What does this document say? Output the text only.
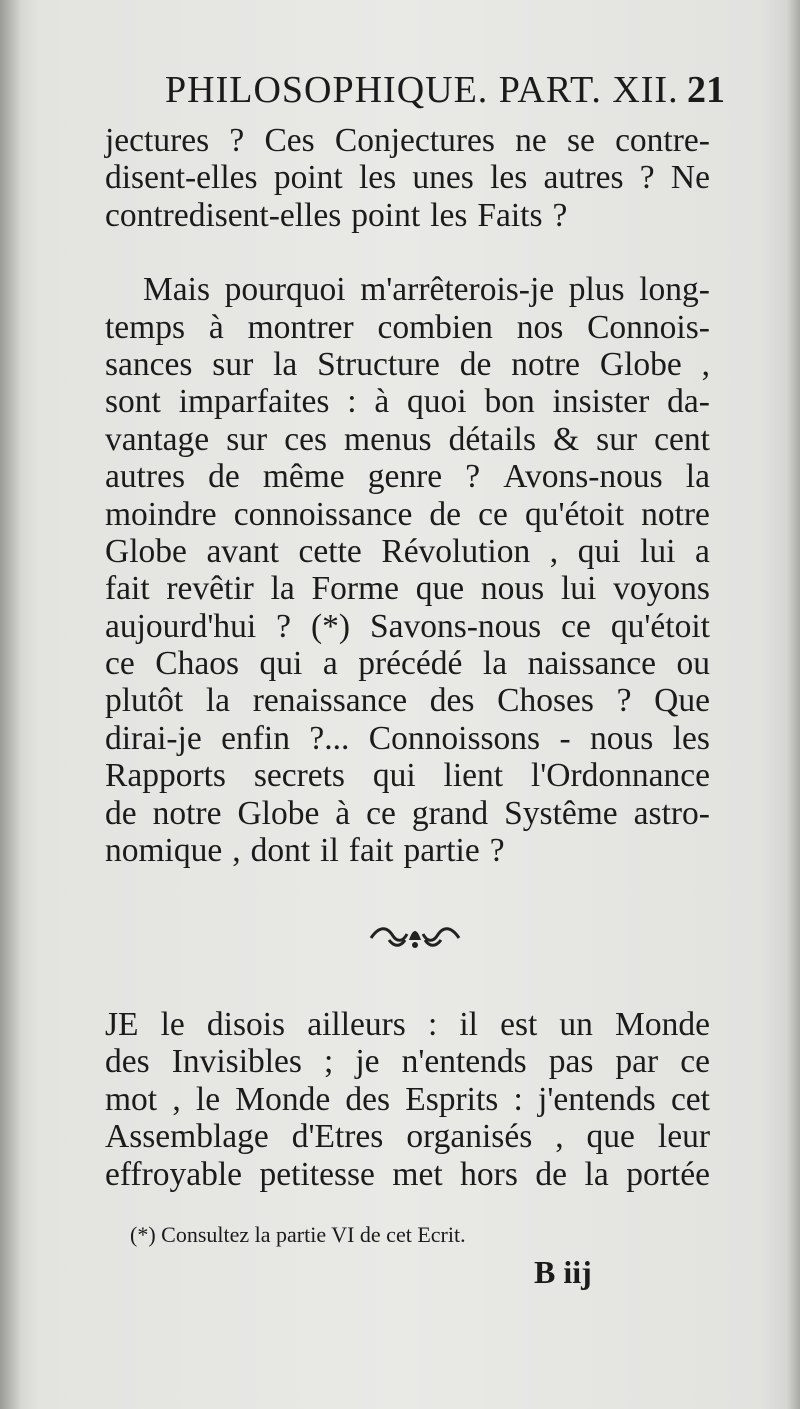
PHILOSOPHIQUE. PART. XII. 21
jectures ? Ces Conjectures ne se contre-
disent-elles point les unes les autres ? Ne
contredisent-elles point les Faits ?
Mais pourquoi m'arrêterois-je plus long-
temps à montrer combien nos Connois-
sances sur la Structure de notre Globe ,
sont imparfaites : à quoi bon insister da-
vantage sur ces menus détails & sur cent
autres de même genre ? Avons-nous la
moindre connoissance de ce qu'étoit notre
Globe avant cette Révolution , qui lui a
fait revêtir la Forme que nous lui voyons
aujourd'hui ? (*) Savons-nous ce qu'étoit
ce Chaos qui a précédé la naissance ou
plutôt la renaissance des Choses ? Que
dirai-je enfin ?... Connoissons - nous les
Rapports secrets qui lient l'Ordonnance
de notre Globe à ce grand Systême astro-
nomique , dont il fait partie ?
JE le disois ailleurs : il est un Monde
des Invisibles ; je n'entends pas par ce
mot , le Monde des Esprits : j'entends cet
Assemblage d'Etres organisés , que leur
effroyable petitesse met hors de la portée
(*) Consultez la partie VI de cet Ecrit.
B iij
